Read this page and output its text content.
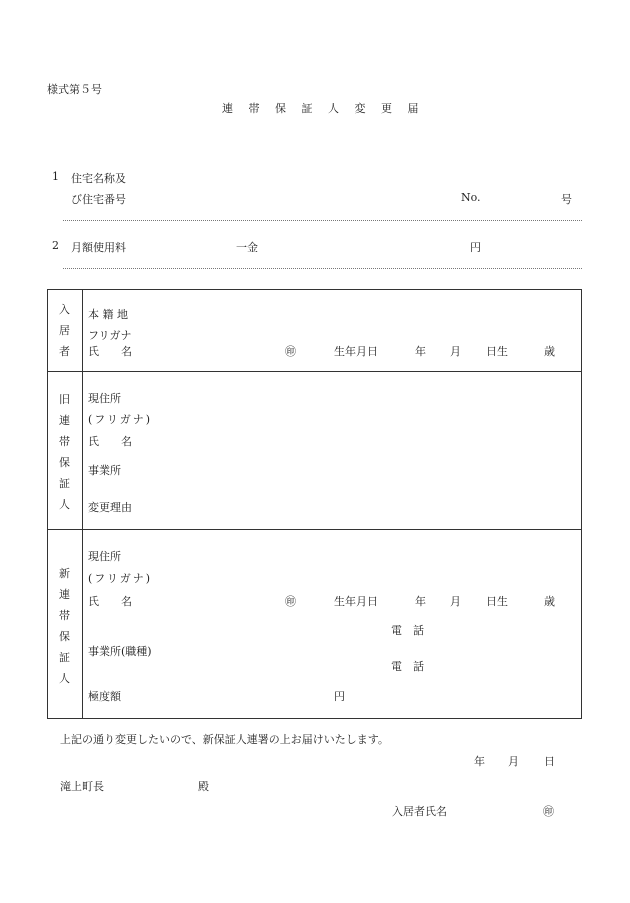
様式第５号
連 帯 保 証 人 変 更 届
1 住宅名称及
び住宅番号	No.	号
2 月額使用料	一金	円
入
居
者
本 籍 地
フリガナ
氏　　名	㊞	生年月日	年 月 日生	歳
旧
連
帯
保
証
人
現住所
(フリガナ)
氏　　名
事業所
変更理由
新
連
帯
保
証
人
現住所
(フリガナ)
氏　　名	㊞	生年月日	年 月 日生	歳
電　話
事業所(職種)
電　話
極度額	円
上記の通り変更したいので、新保証人連署の上お届けいたします。
年 月 日
滝上町長	殿
入居者氏名	㊞
